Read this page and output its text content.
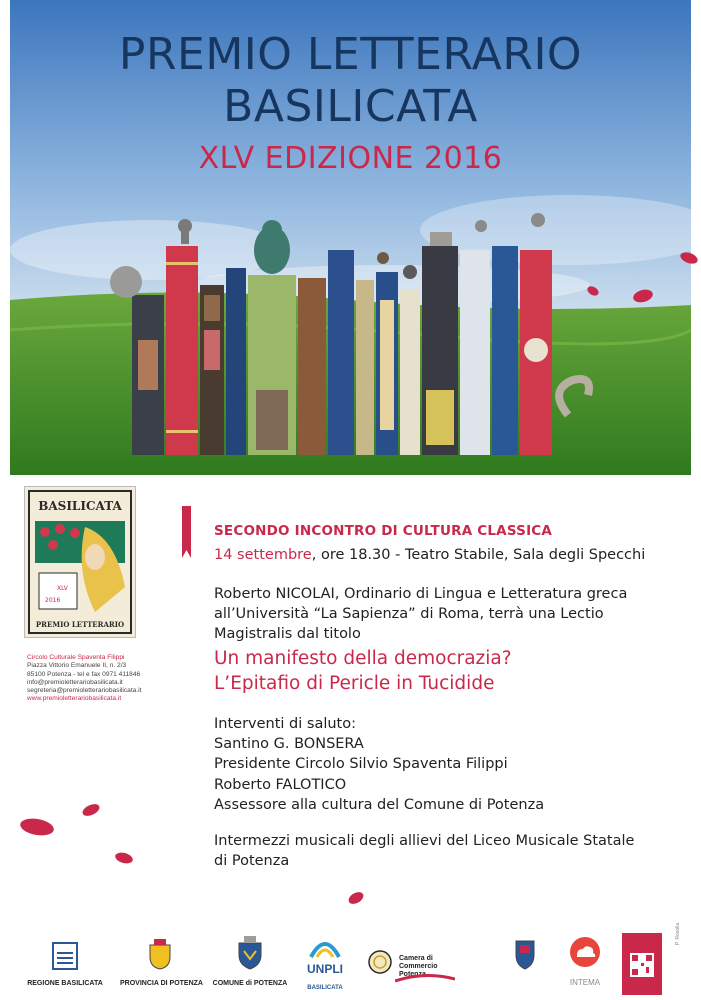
PREMIO LETTERARIO
BASILICATA
XLV EDIZIONE 2016
BASILICATA
2016
XLV
PREMIO LETTERARIO
Circolo Culturale Spaventa Filippi
Piazza Vittorio Emanuele II, n. 2/3
85100 Potenza - tel e fax 0971 411846
info@premioletterariobasilicata.it
segreteria@premioletterariobasilicata.it
www.premioletterariobasilicata.it
SECONDO INCONTRO DI CULTURA CLASSICA
14 settembre, ore 18.30 - Teatro Stabile, Sala degli Specchi
Roberto NICOLAI, Ordinario di Lingua e Letteratura greca
all’Università “La Sapienza” di Roma, terrà una Lectio
Magistralis dal titolo
Un manifesto della democrazia?
L’Epitafio di Pericle in Tucidide
Interventi di saluto:
Santino G. BONSERA
Presidente Circolo Silvio Spaventa Filippi
Roberto FALOTICO
Assessore alla cultura del Comune di Potenza
Intermezzi musicali degli allievi del Liceo Musicale Statale
di Potenza
REGIONE BASILICATA	PROVINCIA DI POTENZA	COMUNE di POTENZA
UNPLI
BASILICATA
Camera di Commercio
Potenza
INTEMA
P. Rosolia
